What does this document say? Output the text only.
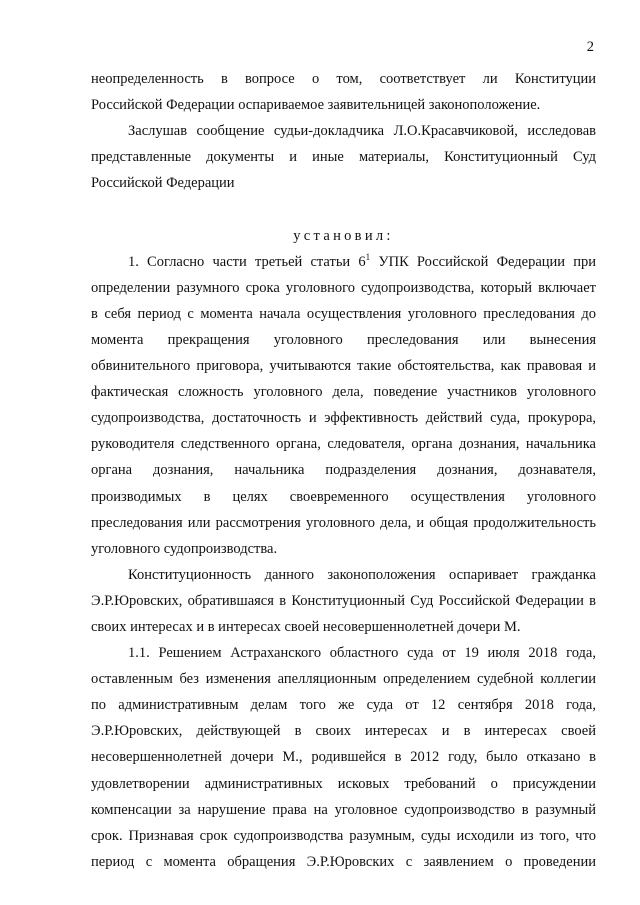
2
неопределенность в вопросе о том, соответствует ли Конституции
Российской Федерации оспариваемое заявительницей законоположение.
Заслушав сообщение судьи-докладчика Л.О.Красавчиковой, исследовав
представленные документы и иные материалы, Конституционный Суд
Российской Федерации
установил:
1. Согласно части третьей статьи $6^1$ УПК Российской Федерации при
определении разумного срока уголовного судопроизводства, который включает
в себя период с момента начала осуществления уголовного преследования до
момента прекращения уголовного преследования или вынесения
обвинительного приговора, учитываются такие обстоятельства, как правовая и
фактическая сложность уголовного дела, поведение участников уголовного
судопроизводства, достаточность и эффективность действий суда, прокурора,
руководителя следственного органа, следователя, органа дознания, начальника
органа дознания, начальника подразделения дознания, дознавателя,
производимых в целях своевременного осуществления уголовного
преследования или рассмотрения уголовного дела, и общая продолжительность
уголовного судопроизводства.
Конституционность данного законоположения оспаривает гражданка
Э.Р.Юровских, обратившаяся в Конституционный Суд Российской Федерации в
своих интересах и в интересах своей несовершеннолетней дочери М.
1.1. Решением Астраханского областного суда от 19 июля 2018 года,
оставленным без изменения апелляционным определением судебной коллегии
по административным делам того же суда от 12 сентября 2018 года,
Э.Р.Юровских, действующей в своих интересах и в интересах своей
несовершеннолетней дочери М., родившейся в 2012 году, было отказано в
удовлетворении административных исковых требований о присуждении
компенсации за нарушение права на уголовное судопроизводство в разумный
срок. Признавая срок судопроизводства разумным, суды исходили из того, что
период с момента обращения Э.Р.Юровских с заявлением о проведении
